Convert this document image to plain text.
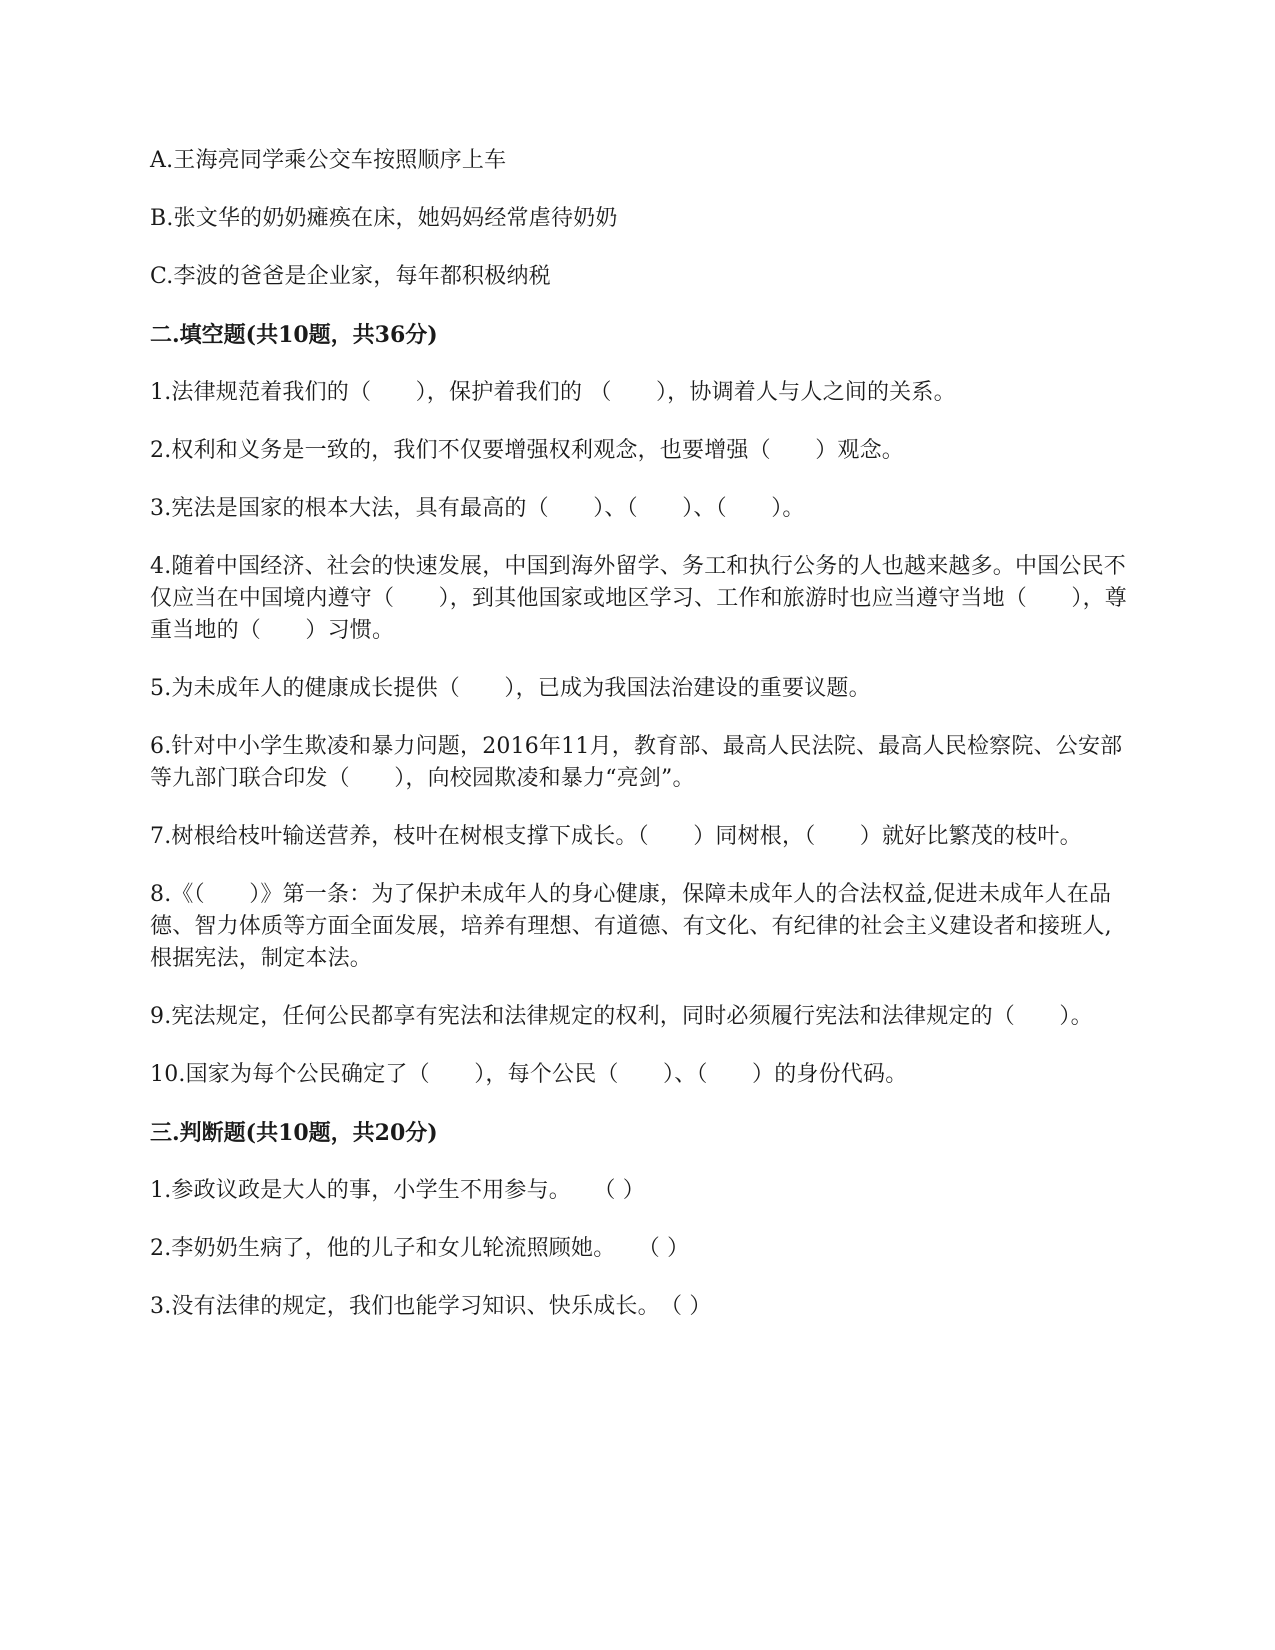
A.王海亮同学乘公交车按照顺序上车

B.张文华的奶奶瘫痪在床，她妈妈经常虐待奶奶

C.李波的爸爸是企业家，每年都积极纳税

二.填空题(共10题，共36分)

1.法律规范着我们的（　　），保护着我们的 （　　），协调着人与人之间的关系。

2.权利和义务是一致的，我们不仅要增强权利观念，也要增强（　　）观念。

3.宪法是国家的根本大法，具有最高的（　　）、（　　）、（　　）。

4.随着中国经济、社会的快速发展，中国到海外留学、务工和执行公务的人也越来越多。中国公民不仅应当在中国境内遵守（　　），到其他国家或地区学习、工作和旅游时也应当遵守当地（　　），尊重当地的（　　）习惯。

5.为未成年人的健康成长提供（　　），已成为我国法治建设的重要议题。

6.针对中小学生欺凌和暴力问题，2016年11月，教育部、最高人民法院、最高人民检察院、公安部等九部门联合印发（　　），向校园欺凌和暴力“亮剑”。

7.树根给枝叶输送营养，枝叶在树根支撑下成长。（　　）同树根，（　　）就好比繁茂的枝叶。

8.《（　　）》第一条：为了保护未成年人的身心健康，保障未成年人的合法权益,促进未成年人在品德、智力体质等方面全面发展，培养有理想、有道德、有文化、有纪律的社会主义建设者和接班人,根据宪法，制定本法。

9.宪法规定，任何公民都享有宪法和法律规定的权利，同时必须履行宪法和法律规定的（　　）。

10.国家为每个公民确定了（　　），每个公民（　　）、（　　）的身份代码。

三.判断题(共10题，共20分)

1.参政议政是大人的事，小学生不用参与。　　（ ）

2.李奶奶生病了，他的儿子和女儿轮流照顾她。　　（ ）

3.没有法律的规定，我们也能学习知识、快乐成长。　（ ）
